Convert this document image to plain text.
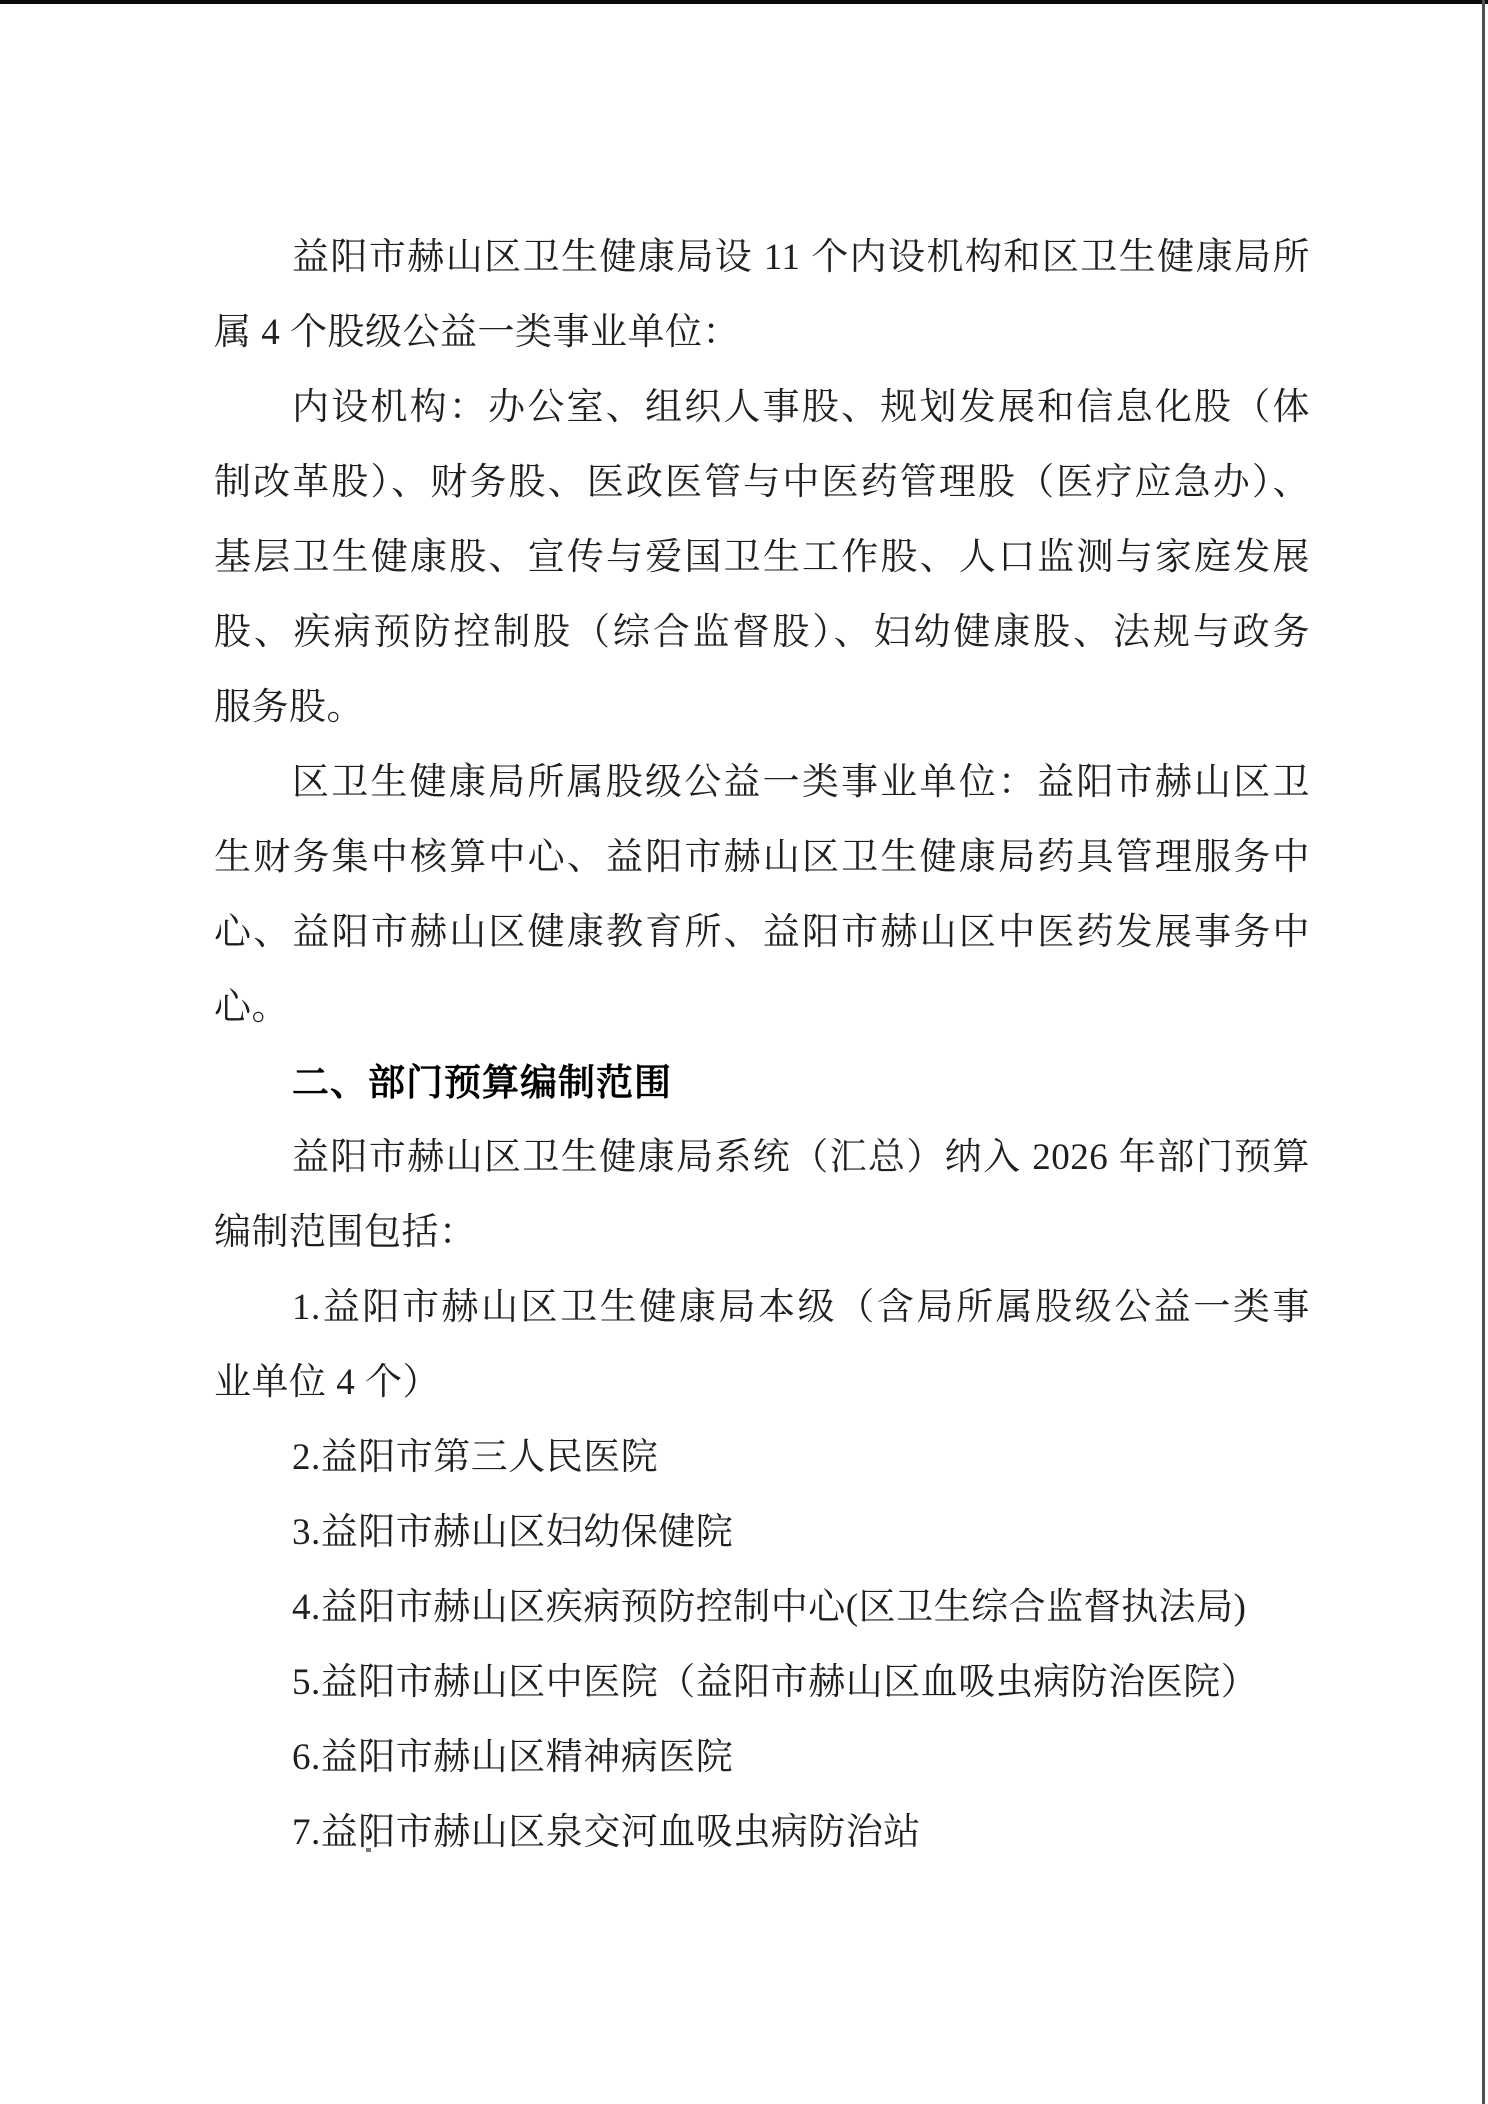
益阳市赫山区卫生健康局设 11 个内设机构和区卫生健康局所
属 4 个股级公益一类事业单位：
内设机构：办公室、组织人事股、规划发展和信息化股（体
制改革股）、财务股、医政医管与中医药管理股（医疗应急办）、
基层卫生健康股、宣传与爱国卫生工作股、人口监测与家庭发展
股、疾病预防控制股（综合监督股）、妇幼健康股、法规与政务
服务股。
区卫生健康局所属股级公益一类事业单位：益阳市赫山区卫
生财务集中核算中心、益阳市赫山区卫生健康局药具管理服务中
心、益阳市赫山区健康教育所、益阳市赫山区中医药发展事务中
心。
二、部门预算编制范围
益阳市赫山区卫生健康局系统（汇总）纳入 2026 年部门预算
编制范围包括：
1.益阳市赫山区卫生健康局本级（含局所属股级公益一类事
业单位 4 个）
2.益阳市第三人民医院
3.益阳市赫山区妇幼保健院
4.益阳市赫山区疾病预防控制中心(区卫生综合监督执法局)
5.益阳市赫山区中医院（益阳市赫山区血吸虫病防治医院）
6.益阳市赫山区精神病医院
7.益阳市赫山区泉交河血吸虫病防治站
